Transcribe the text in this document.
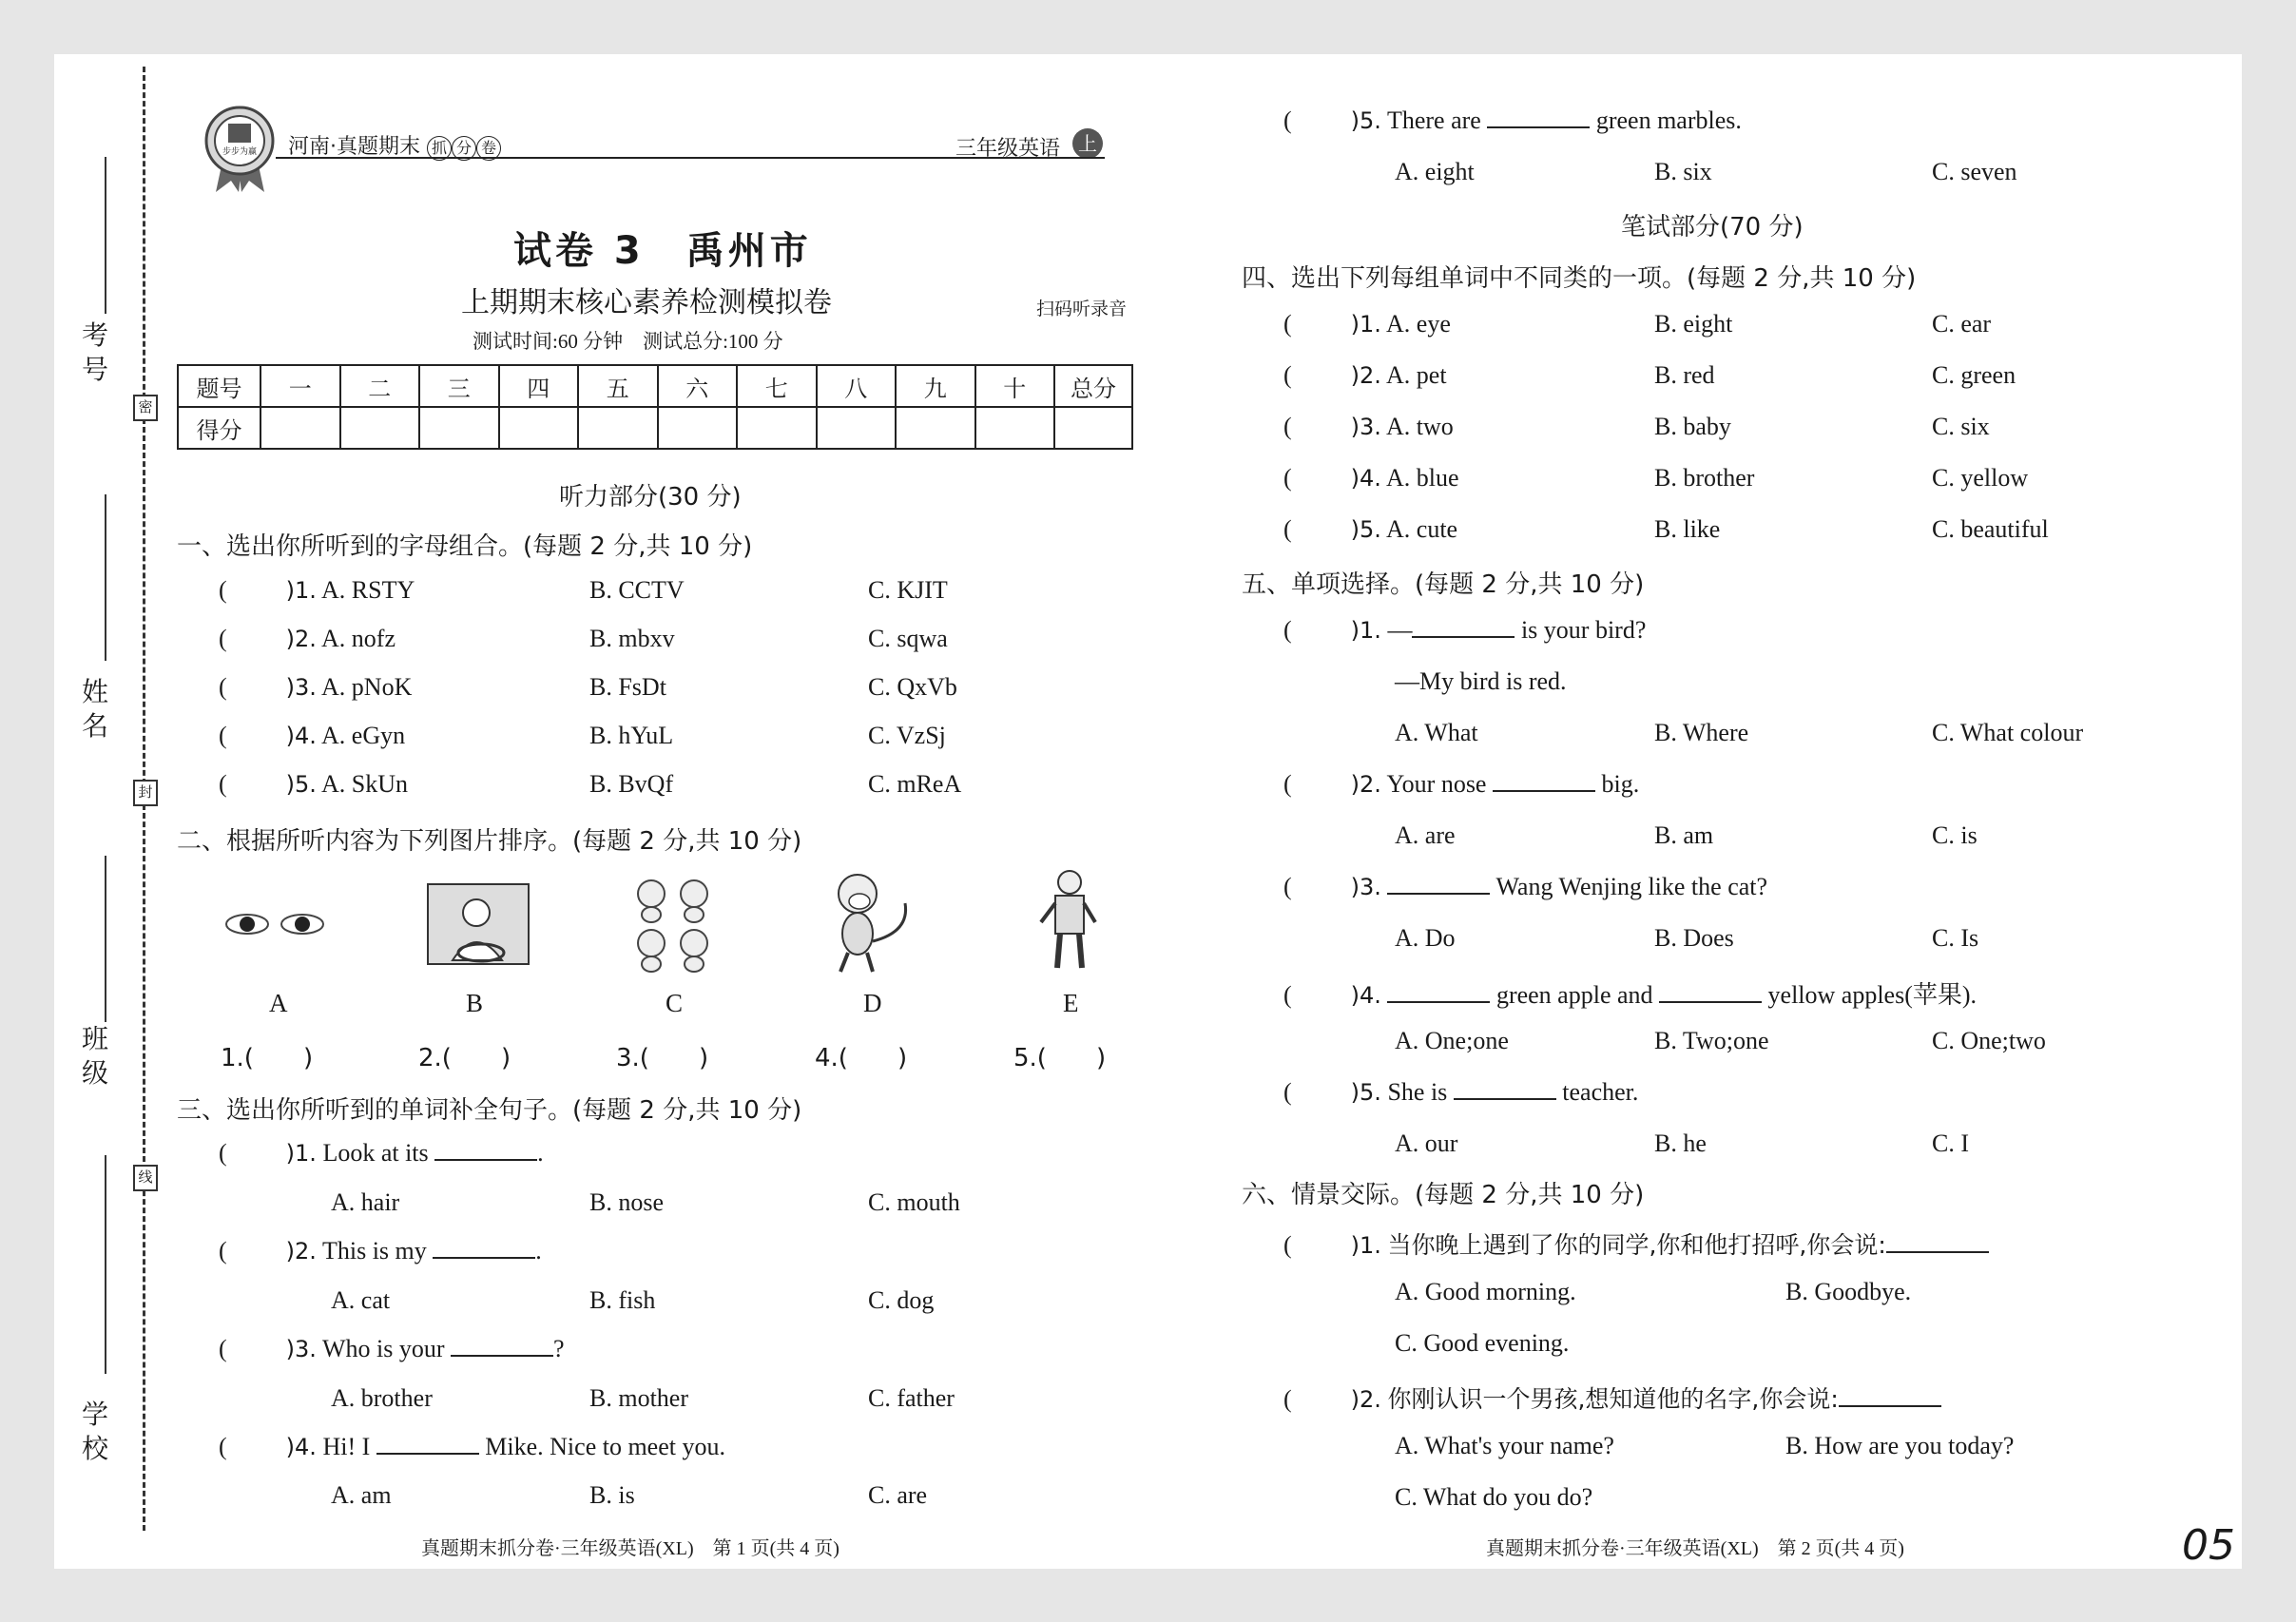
密
封
线
考号
姓名
班级
学校
步步为赢 河南·真题期末 抓 分 卷	三年级英语 上
试卷 3　禹州市
上期期末核心素养检测模拟卷
测试时间:60 分钟　测试总分:100 分
扫码听录音
题号	一	二	三	四	五	六	七	八	九	十	总分
得分											
听力部分(30 分)
一、选出你所听到的字母组合。(每题 2 分,共 10 分)
(	)1. A. RSTY	B. CCTV	C. KJIT
(	)2. A. nofz	B. mbxv	C. sqwa
(	)3. A. pNoK	B. FsDt	C. QxVb
(	)4. A. eGyn	B. hYuL	C. VzSj
(	)5. A. SkUn	B. BvQf	C. mReA
二、根据所听内容为下列图片排序。(每题 2 分,共 10 分)
A	B	C	D	E
1.(　　)	2.(　　)	3.(　　)	4.(　　)	5.(　　)
三、选出你所听到的单词补全句子。(每题 2 分,共 10 分)
(	)1. Look at its	.
A. hair	B. nose	C. mouth
(	)2. This is my	.
A. cat	B. fish	C. dog
(	)3. Who is your	?
A. brother	B. mother	C. father
(	)4. Hi! I	Mike. Nice to meet you.
A. am	B. is	C. are
真题期末抓分卷·三年级英语(XL)　第 1 页(共 4 页)
(	)5. There are	green marbles.
A. eight	B. six	C. seven
笔试部分(70 分)
四、选出下列每组单词中不同类的一项。(每题 2 分,共 10 分)
(	)1. A. eye	B. eight	C. ear
(	)2. A. pet	B. red	C. green
(	)3. A. two	B. baby	C. six
(	)4. A. blue	B. brother	C. yellow
(	)5. A. cute	B. like	C. beautiful
五、单项选择。(每题 2 分,共 10 分)
(	)1. —	is your bird?
—My bird is red.
A. What	B. Where	C. What colour
(	)2. Your nose	big.
A. are	B. am	C. is
(	)3.	Wang Wenjing like the cat?
A. Do	B. Does	C. Is
(	)4.	green apple and	yellow apples(苹果).
A. One;one	B. Two;one	C. One;two
(	)5. She is	teacher.
A. our	B. he	C. I
六、情景交际。(每题 2 分,共 10 分)
(	)1. 当你晚上遇到了你的同学,你和他打招呼,你会说:
A. Good morning.	B. Goodbye.
C. Good evening.
(	)2. 你刚认识一个男孩,想知道他的名字,你会说:
A. What's your name?	B. How are you today?
C. What do you do?
真题期末抓分卷·三年级英语(XL)　第 2 页(共 4 页)	05
